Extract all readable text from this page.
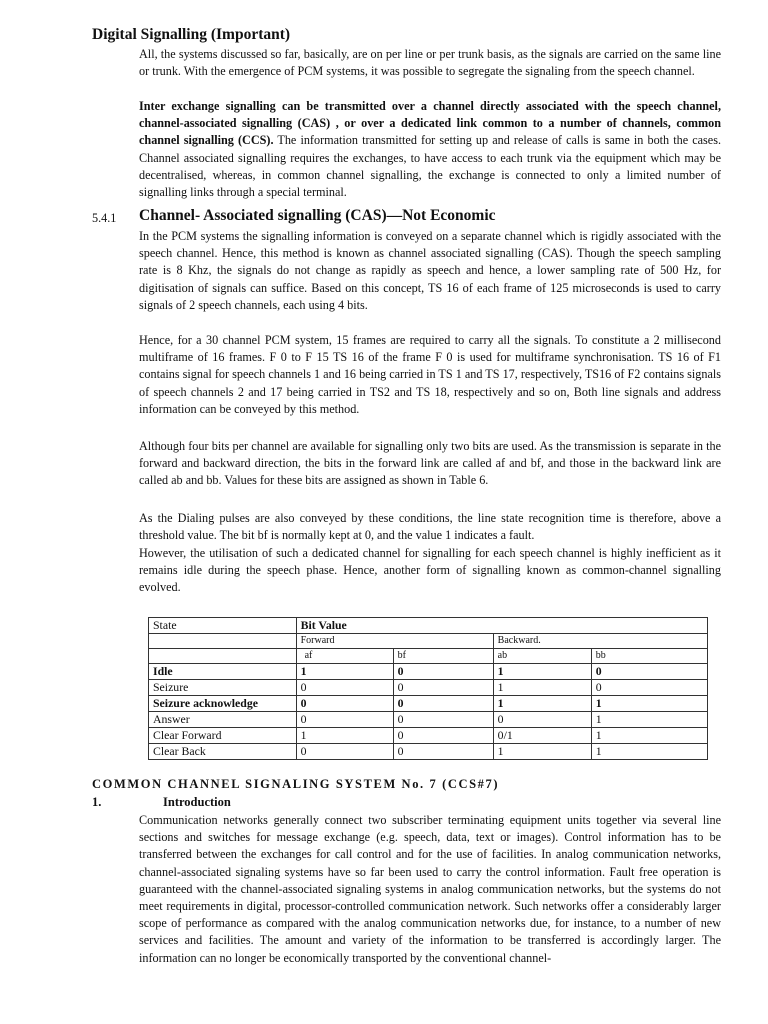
Digital Signalling (Important)
All, the systems discussed so far, basically, are on per line or per trunk basis, as the signals are carried on the same line or trunk. With the emergence of PCM systems, it was possible to segregate the signaling from the speech channel.
Inter exchange signalling can be transmitted over a channel directly associated with the speech channel, channel-associated signalling (CAS) , or over a dedicated link common to a number of channels, common channel signalling (CCS). The information transmitted for setting up and release of calls is same in both the cases. Channel associated signalling requires the exchanges, to have access to each trunk via the equipment which may be decentralised, whereas, in common channel signalling, the exchange is connected to only a limited number of signalling links through a special terminal.
5.4.1 Channel- Associated signalling (CAS)—Not Economic
In the PCM systems the signalling information is conveyed on a separate channel which is rigidly associated with the speech channel. Hence, this method is known as channel associated signalling (CAS). Though the speech sampling rate is 8 Khz, the signals do not change as rapidly as speech and hence, a lower sampling rate of 500 Hz, for digitisation of signals can suffice. Based on this concept, TS 16 of each frame of 125 microseconds is used to carry signals of 2 speech channels, each using 4 bits.
Hence, for a 30 channel PCM system, 15 frames are required to carry all the signals. To constitute a 2 millisecond multiframe of 16 frames. F 0 to F 15 TS 16 of the frame F 0 is used for multiframe synchronisation. TS 16 of F1 contains signal for speech channels 1 and 16 being carried in TS 1 and TS 17, respectively, TS16 of F2 contains signals of speech channels 2 and 17 being carried in TS2 and TS 18, respectively and so on, Both line signals and address information can be conveyed by this method.
Although four bits per channel are available for signalling only two bits are used. As the transmission is separate in the forward and backward direction, the bits in the forward link are called af and bf, and those in the backward link are called ab and bb. Values for these bits are assigned as shown in Table 6.
As the Dialing pulses are also conveyed by these conditions, the line state recognition time is therefore, above a threshold value. The bit bf is normally kept at 0, and the value 1 indicates a fault.
However, the utilisation of such a dedicated channel for signalling for each speech channel is highly inefficient as it remains idle during the speech phase. Hence, another form of signalling known as common-channel signalling evolved.
State	Bit Value			
	Forward		Backward.	
	af	bf	ab	bb
Idle	1	0	1	0
Seizure	0	0	1	0
Seizure acknowledge	0	0	1	1
Answer	0	0	0	1
Clear Forward	1	0	0/1	1
Clear Back	0	0	1	1
COMMON CHANNEL SIGNALING SYSTEM No. 7 (CCS#7)
1.	Introduction
Communication networks generally connect two subscriber terminating equipment units together via several line sections and switches for message exchange (e.g. speech, data, text or images). Control information has to be transferred between the exchanges for call control and for the use of facilities. In analog communication networks, channel-associated signaling systems have so far been used to carry the control information. Fault free operation is guaranteed with the channel-associated signaling systems in analog communication networks, but the systems do not meet requirements in digital, processor-controlled communication network. Such networks offer a considerably larger scope of performance as compared with the analog communication networks due, for instance, to a number of new services and facilities. The amount and variety of the information to be transferred is accordingly larger. The information can no longer be economically transported by the conventional channel-
